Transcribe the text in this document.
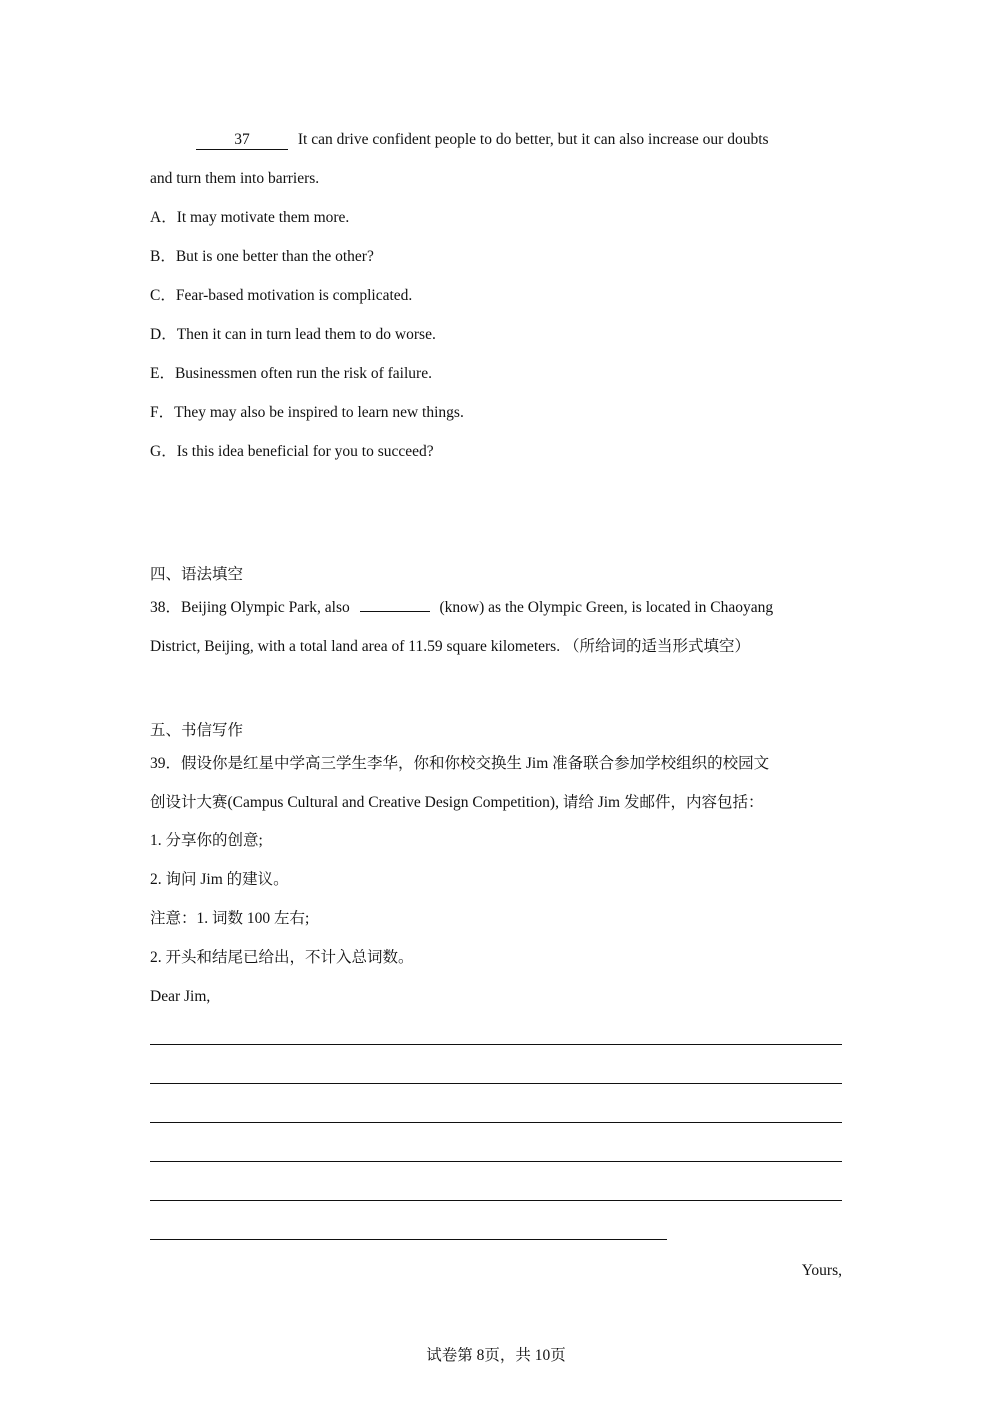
37	It can drive confident people to do better, but it can also increase our doubts
and turn them into barriers.
A．It may motivate them more.
B．But is one better than the other?
C．Fear-based motivation is complicated.
D．Then it can in turn lead them to do worse.
E．Businessmen often run the risk of failure.
F．They may also be inspired to learn new things.
G．Is this idea beneficial for you to succeed?
四、语法填空
38．Beijing Olympic Park, also	(know) as the Olympic Green, is located in Chaoyang
District, Beijing, with a total land area of 11.59 square kilometers. （所给词的适当形式填空）
五、书信写作
39．假设你是红星中学高三学生李华，你和你校交换生 Jim 准备联合参加学校组织的校园文
创设计大赛(Campus Cultural and Creative Design Competition), 请给 Jim 发邮件，内容包括：
1. 分享你的创意;
2. 询问 Jim 的建议。
注意：1. 词数 100 左右;
2. 开头和结尾已给出，不计入总词数。
Dear Jim,
Yours,
试卷第 8页，共 10页
